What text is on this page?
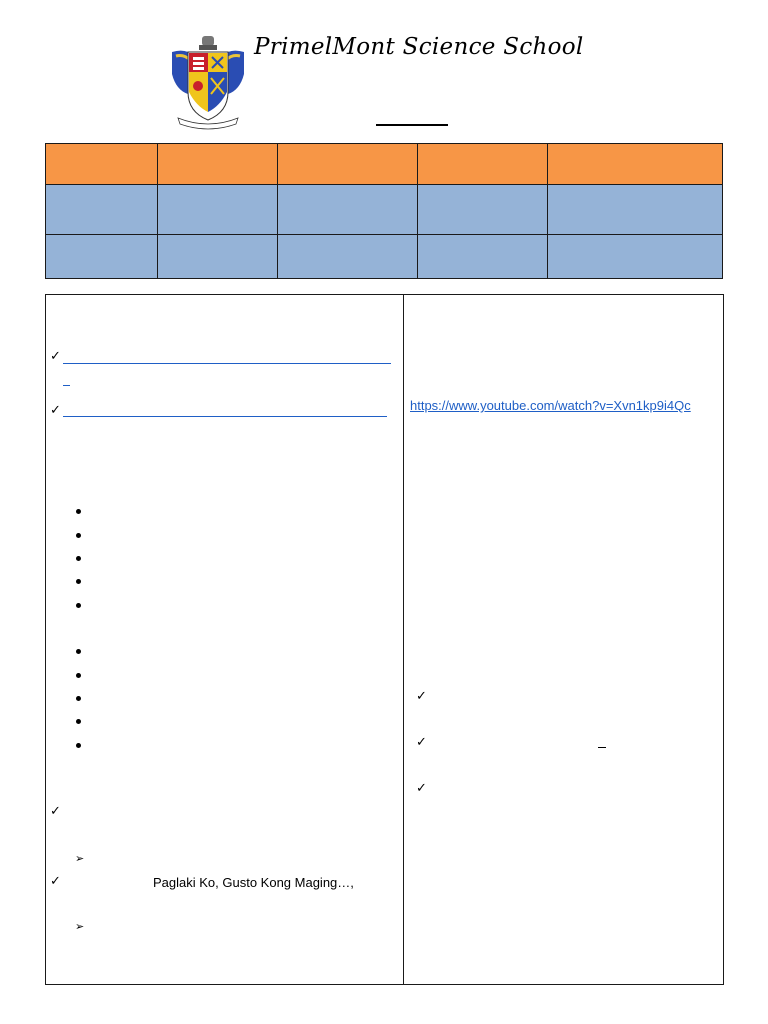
PrimelMont Science School

✓
✓
✓
➢
✓	Paglaki Ko, Gusto Kong Maging…,
➢
https://www.youtube.com/watch?v=Xvn1kp9i4Qc
✓
✓
✓
